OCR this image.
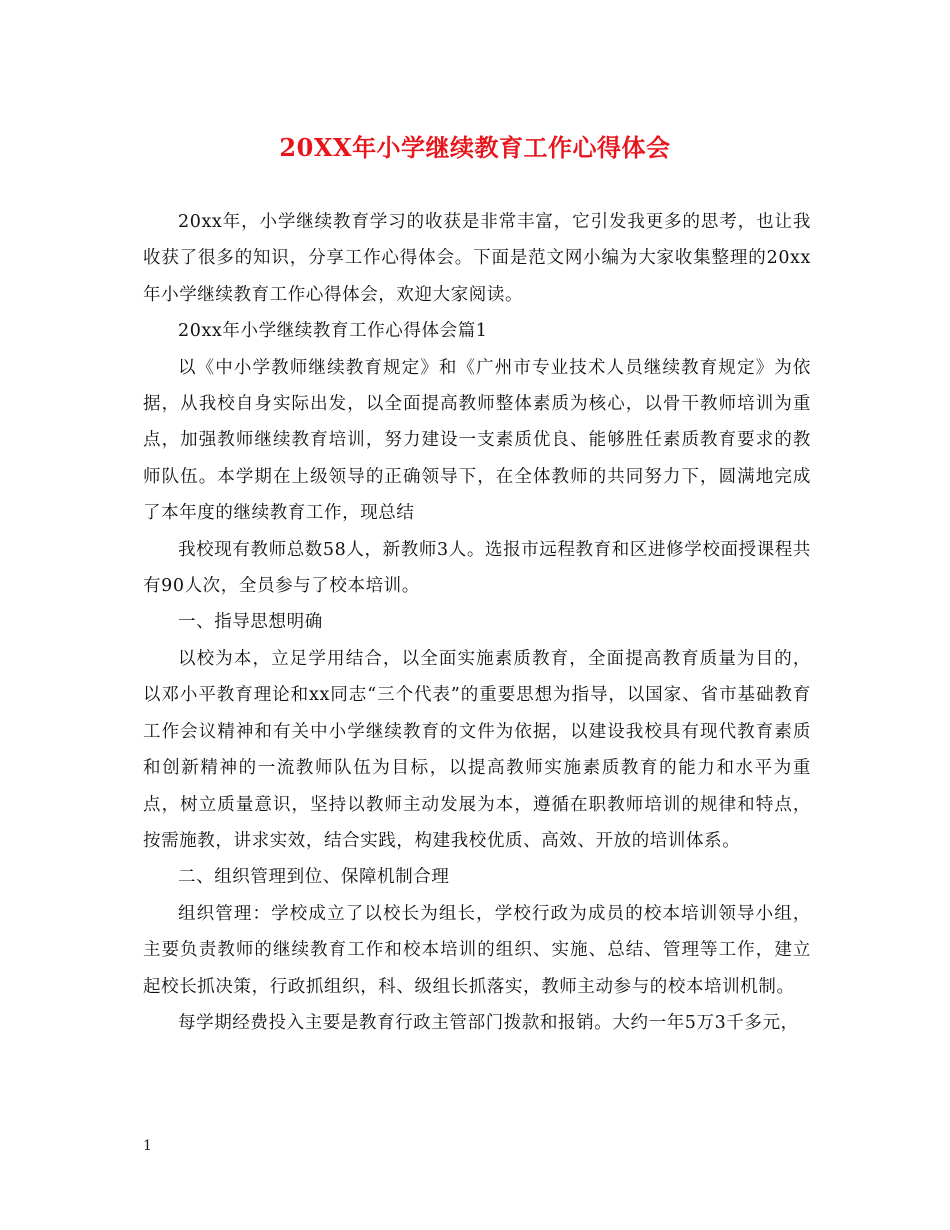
20XX年小学继续教育工作心得体会

20xx年，小学继续教育学习的收获是非常丰富，它引发我更多的思考，也让我收获了很多的知识，分享工作心得体会。下面是范文网小编为大家收集整理的20xx年小学继续教育工作心得体会，欢迎大家阅读。

20xx年小学继续教育工作心得体会篇1

以《中小学教师继续教育规定》和《广州市专业技术人员继续教育规定》为依据，从我校自身实际出发，以全面提高教师整体素质为核心，以骨干教师培训为重点，加强教师继续教育培训，努力建设一支素质优良、能够胜任素质教育要求的教师队伍。本学期在上级领导的正确领导下，在全体教师的共同努力下，圆满地完成了本年度的继续教育工作，现总结

我校现有教师总数58人，新教师3人。选报市远程教育和区进修学校面授课程共有90人次，全员参与了校本培训。

一、指导思想明确

以校为本，立足学用结合，以全面实施素质教育，全面提高教育质量为目的，以邓小平教育理论和xx同志“三个代表”的重要思想为指导，以国家、省市基础教育工作会议精神和有关中小学继续教育的文件为依据，以建设我校具有现代教育素质和创新精神的一流教师队伍为目标，以提高教师实施素质教育的能力和水平为重点，树立质量意识，坚持以教师主动发展为本，遵循在职教师培训的规律和特点，按需施教，讲求实效，结合实践，构建我校优质、高效、开放的培训体系。

二、组织管理到位、保障机制合理

组织管理：学校成立了以校长为组长，学校行政为成员的校本培训领导小组，主要负责教师的继续教育工作和校本培训的组织、实施、总结、管理等工作，建立起校长抓决策，行政抓组织，科、级组长抓落实，教师主动参与的校本培训机制。

每学期经费投入主要是教育行政主管部门拨款和报销。大约一年5万3千多元，

1
